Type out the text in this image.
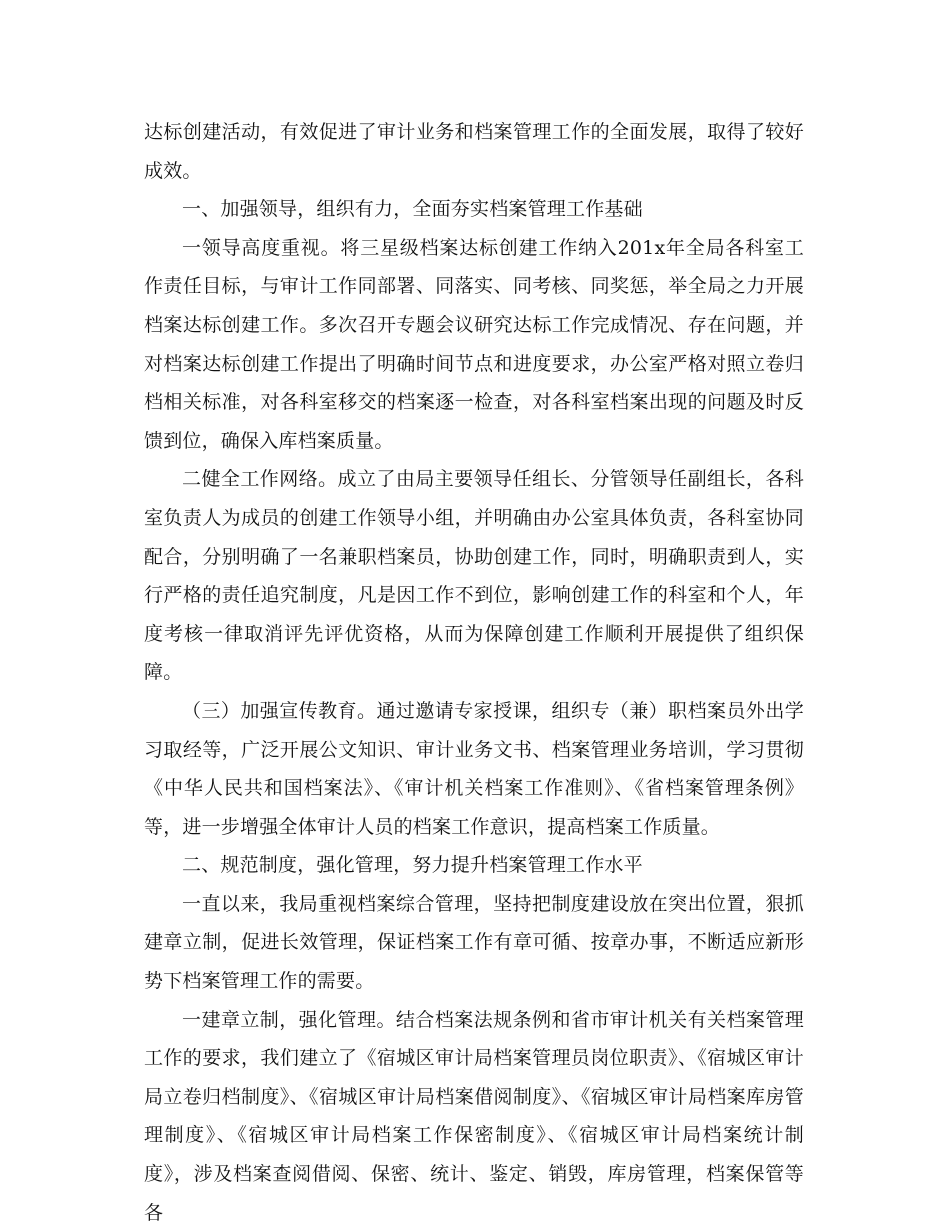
达标创建活动，有效促进了审计业务和档案管理工作的全面发展，取得了较好成效。

一、加强领导，组织有力，全面夯实档案管理工作基础

一领导高度重视。将三星级档案达标创建工作纳入201x年全局各科室工作责任目标，与审计工作同部署、同落实、同考核、同奖惩，举全局之力开展档案达标创建工作。多次召开专题会议研究达标工作完成情况、存在问题，并对档案达标创建工作提出了明确时间节点和进度要求，办公室严格对照立卷归档相关标准，对各科室移交的档案逐一检查，对各科室档案出现的问题及时反馈到位，确保入库档案质量。

二健全工作网络。成立了由局主要领导任组长、分管领导任副组长，各科室负责人为成员的创建工作领导小组，并明确由办公室具体负责，各科室协同配合，分别明确了一名兼职档案员，协助创建工作，同时，明确职责到人，实行严格的责任追究制度，凡是因工作不到位，影响创建工作的科室和个人，年度考核一律取消评先评优资格，从而为保障创建工作顺利开展提供了组织保障。

（三）加强宣传教育。通过邀请专家授课，组织专（兼）职档案员外出学习取经等，广泛开展公文知识、审计业务文书、档案管理业务培训，学习贯彻《中华人民共和国档案法》、《审计机关档案工作准则》、《省档案管理条例》等，进一步增强全体审计人员的档案工作意识，提高档案工作质量。

二、规范制度，强化管理，努力提升档案管理工作水平

一直以来，我局重视档案综合管理，坚持把制度建设放在突出位置，狠抓建章立制，促进长效管理，保证档案工作有章可循、按章办事，不断适应新形势下档案管理工作的需要。

一建章立制，强化管理。结合档案法规条例和省市审计机关有关档案管理工作的要求，我们建立了《宿城区审计局档案管理员岗位职责》、《宿城区审计局立卷归档制度》、《宿城区审计局档案借阅制度》、《宿城区审计局档案库房管理制度》、《宿城区审计局档案工作保密制度》、《宿城区审计局档案统计制度》，涉及档案查阅借阅、保密、统计、鉴定、销毁，库房管理，档案保管等各
